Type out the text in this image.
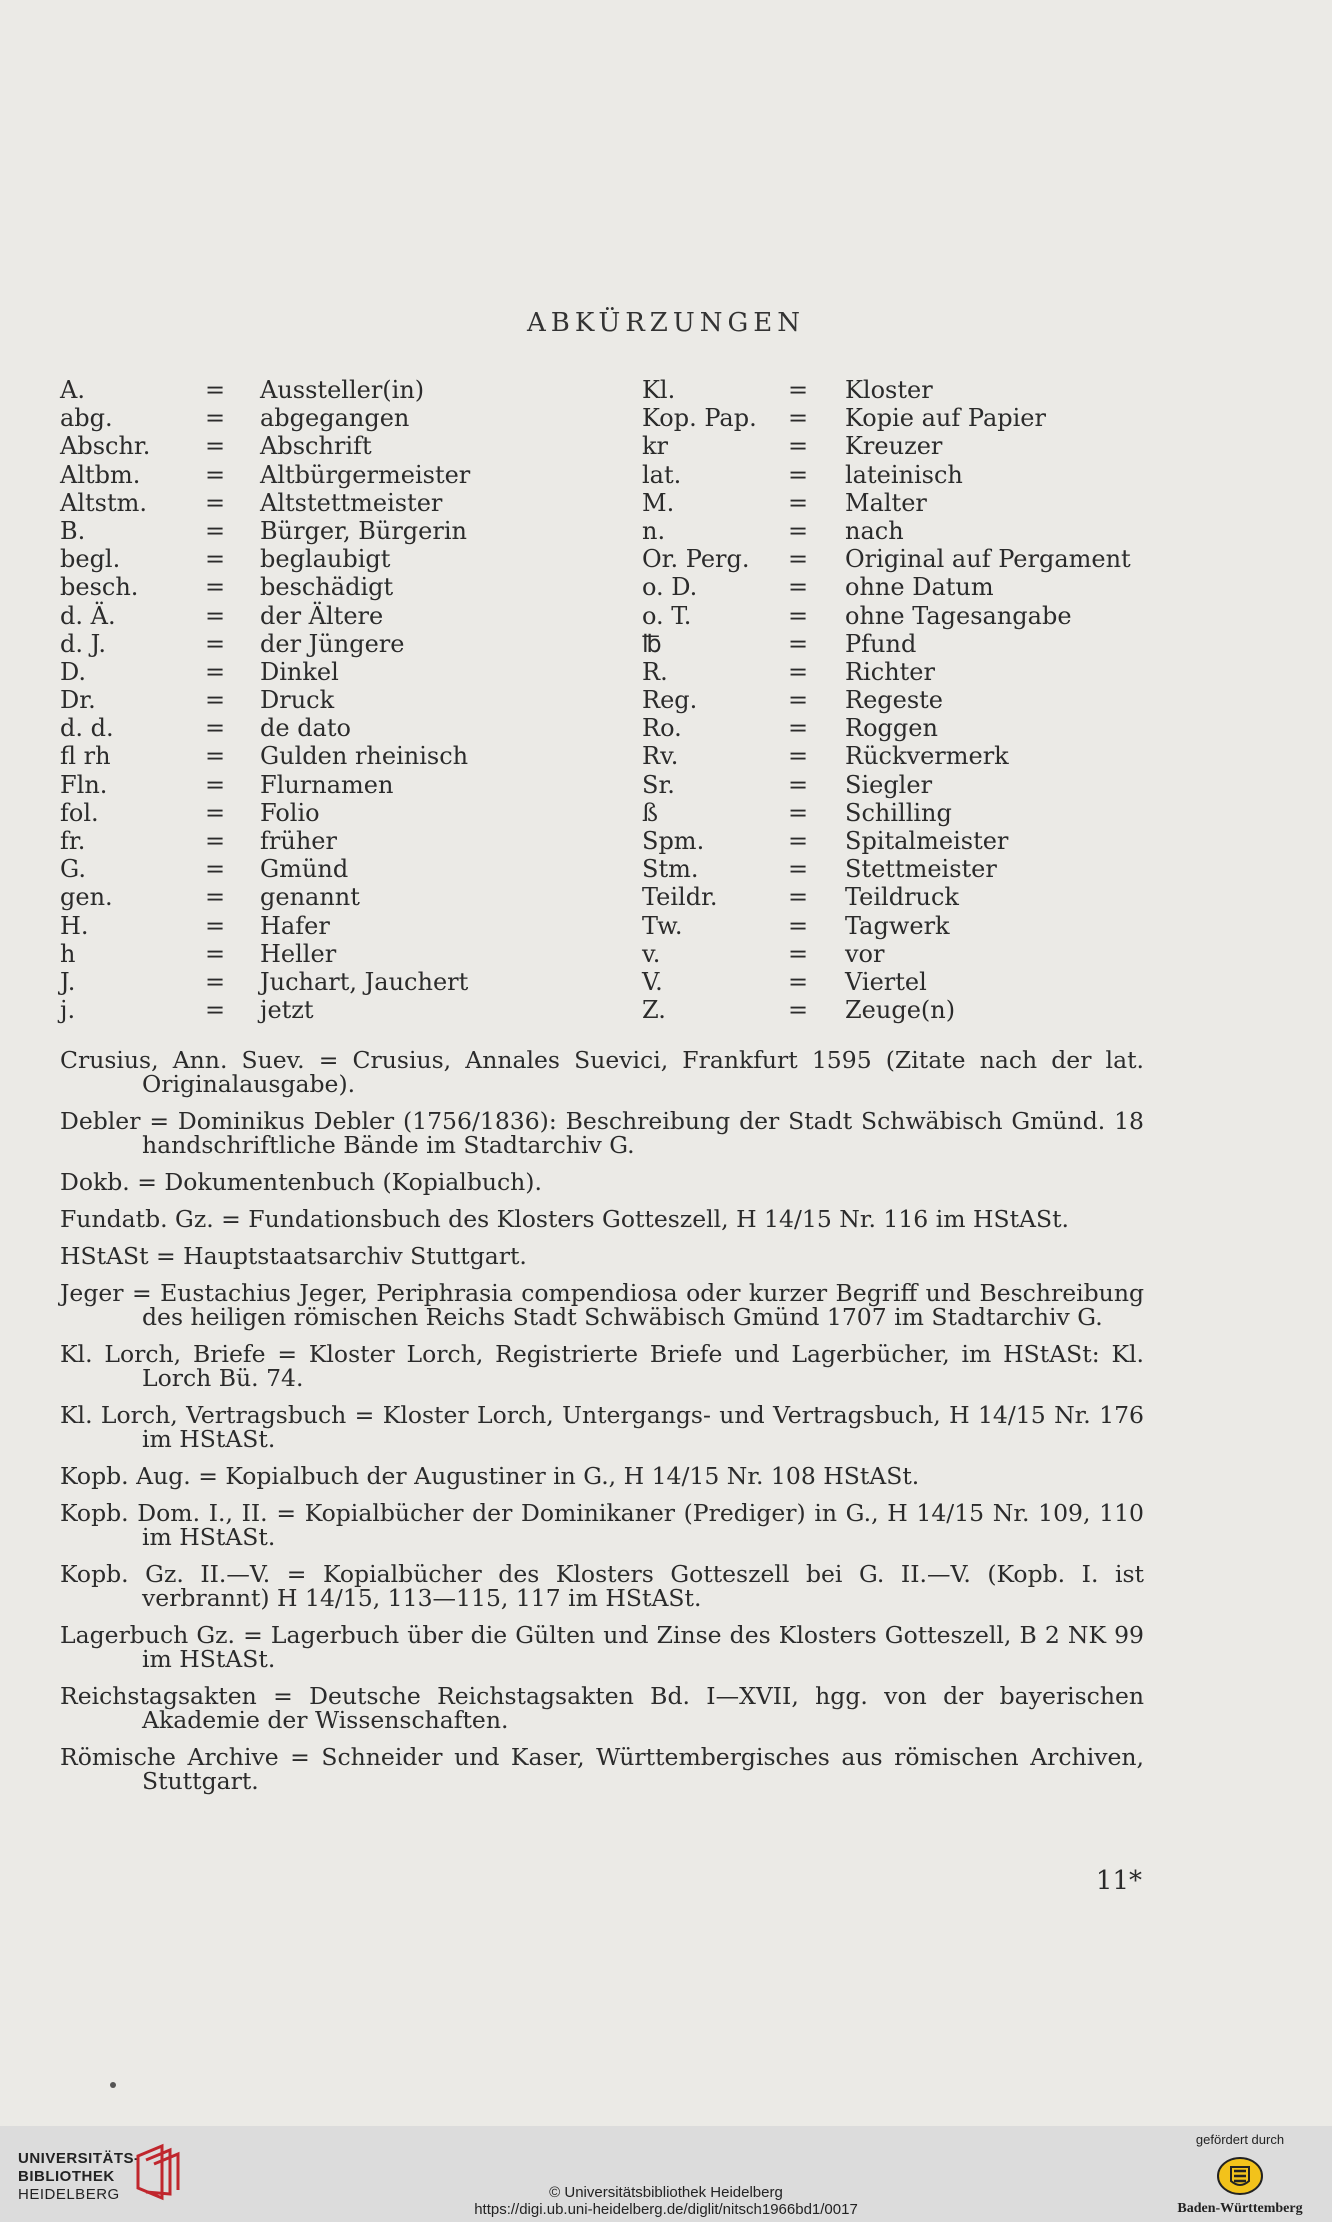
ABKÜRZUNGEN
A.	= Aussteller(in)
abg.	= abgegangen
Abschr. = Abschrift
Altbm.	= Altbürgermeister
Altstm. = Altstettmeister
B.	= Bürger, Bürgerin
begl.	= beglaubigt
besch.	= beschädigt
d. Ä.	= der Ältere
d. J.	= der Jüngere
D.	= Dinkel
Dr.	= Druck
d. d.	= de dato
fl rh	= Gulden rheinisch
Fln.	= Flurnamen
fol.	= Folio
fr.	= früher
G.	= Gmünd
gen.	= genannt
H.	= Hafer
h	= Heller
J.	= Juchart, Jauchert
j.	= jetzt
Kl.	= Kloster
Kop. Pap. = Kopie auf Papier
kr	= Kreuzer
lat.	= lateinisch
M.	= Malter
n.	= nach
Or. Perg. = Original auf Pergament
o. D.	= ohne Datum
o. T.	= ohne Tagesangabe
℔	= Pfund
R.	= Richter
Reg.	= Regeste
Ro.	= Roggen
Rv.	= Rückvermerk
Sr.	= Siegler
ß	= Schilling
Spm.	= Spitalmeister
Stm.	= Stettmeister
Teildr.	= Teildruck
Tw.	= Tagwerk
v.	= vor
V.	= Viertel
Z.	= Zeuge(n)
Crusius, Ann. Suev. = Crusius, Annales Suevici, Frankfurt 1595 (Zitate nach der lat. Originalausgabe).
Debler = Dominikus Debler (1756/1836): Beschreibung der Stadt Schwäbisch Gmünd. 18 handschriftliche Bände im Stadtarchiv G.
Dokb. = Dokumentenbuch (Kopialbuch).
Fundatb. Gz. = Fundationsbuch des Klosters Gotteszell, H 14/15 Nr. 116 im HStASt.
HStASt = Hauptstaatsarchiv Stuttgart.
Jeger = Eustachius Jeger, Periphrasia compendiosa oder kurzer Begriff und Beschreibung des heiligen römischen Reichs Stadt Schwäbisch Gmünd 1707 im Stadtarchiv G.
Kl. Lorch, Briefe = Kloster Lorch, Registrierte Briefe und Lagerbücher, im HStASt: Kl. Lorch Bü. 74.
Kl. Lorch, Vertragsbuch = Kloster Lorch, Untergangs- und Vertragsbuch, H 14/15 Nr. 176 im HStASt.
Kopb. Aug. = Kopialbuch der Augustiner in G., H 14/15 Nr. 108 HStASt.
Kopb. Dom. I., II. = Kopialbücher der Dominikaner (Prediger) in G., H 14/15 Nr. 109, 110 im HStASt.
Kopb. Gz. II.—V. = Kopialbücher des Klosters Gotteszell bei G. II.—V. (Kopb. I. ist verbrannt) H 14/15, 113—115, 117 im HStASt.
Lagerbuch Gz. = Lagerbuch über die Gülten und Zinse des Klosters Gotteszell, B 2 NK 99 im HStASt.
Reichstagsakten = Deutsche Reichstagsakten Bd. I—XVII, hgg. von der bayerischen Akademie der Wissenschaften.
Römische Archive = Schneider und Kaser, Württembergisches aus römischen Archiven, Stuttgart.
11*
UNIVERSITÄTS-
BIBLIOTHEK
HEIDELBERG	© Universitätsbibliothek Heidelberg
https://digi.ub.uni-heidelberg.de/diglit/nitsch1966bd1/0017
gefördert durch
Baden-Württemberg
